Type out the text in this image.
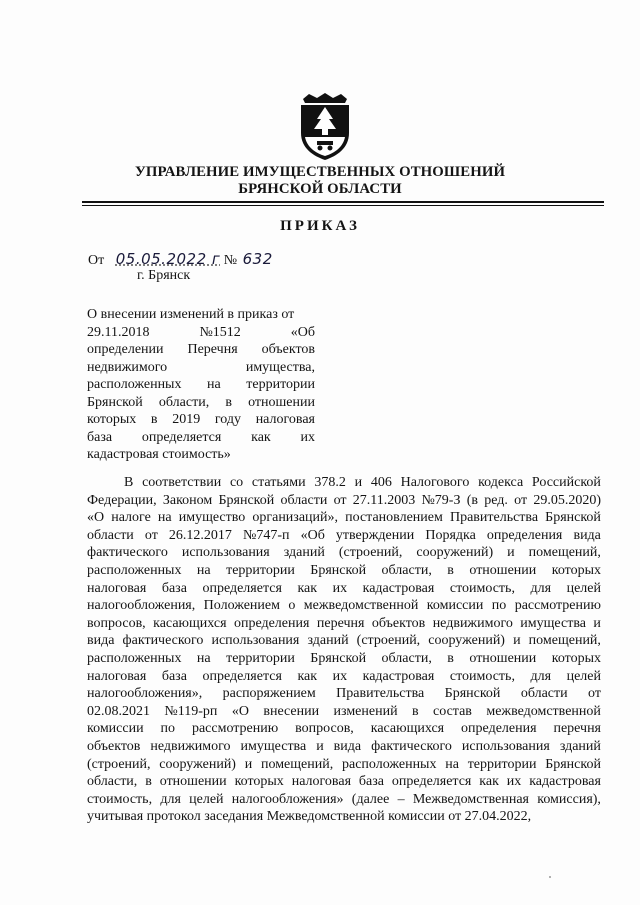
УПРАВЛЕНИЕ ИМУЩЕСТВЕННЫХ ОТНОШЕНИЙ
БРЯНСКОЙ ОБЛАСТИ
ПРИКАЗ
От 05.05.2022 г № 632
г. Брянск
О внесении изменений в приказ от
29.11.2018	№1512	«Об
определении Перечня объектов
недвижимого	имущества,
расположенных на территории
Брянской области, в отношении
которых в 2019 году налоговая
база определяется как их
кадастровая стоимость»
В соответствии со статьями 378.2 и 406 Налогового кодекса Российской
Федерации, Законом Брянской области от 27.11.2003 №79-З (в ред. от 29.05.2020)
«О налоге на имущество организаций», постановлением Правительства Брянской
области от 26.12.2017 №747-п «Об утверждении Порядка определения вида
фактического использования зданий (строений, сооружений) и помещений,
расположенных на территории Брянской области, в отношении которых
налоговая база определяется как их кадастровая стоимость, для целей
налогообложения, Положением о межведомственной комиссии по рассмотрению
вопросов, касающихся определения перечня объектов недвижимого имущества и
вида фактического использования зданий (строений, сооружений) и помещений,
расположенных на территории Брянской области, в отношении которых
налоговая база определяется как их кадастровая стоимость, для целей
налогообложения», распоряжением Правительства Брянской области от
02.08.2021 №119-рп «О внесении изменений в состав межведомственной
комиссии по рассмотрению вопросов, касающихся определения перечня
объектов недвижимого имущества и вида фактического использования зданий
(строений, сооружений) и помещений, расположенных на территории Брянской
области, в отношении которых налоговая база определяется как их кадастровая
стоимость, для целей налогообложения» (далее – Межведомственная комиссия),
учитывая протокол заседания Межведомственной комиссии от 27.04.2022,
